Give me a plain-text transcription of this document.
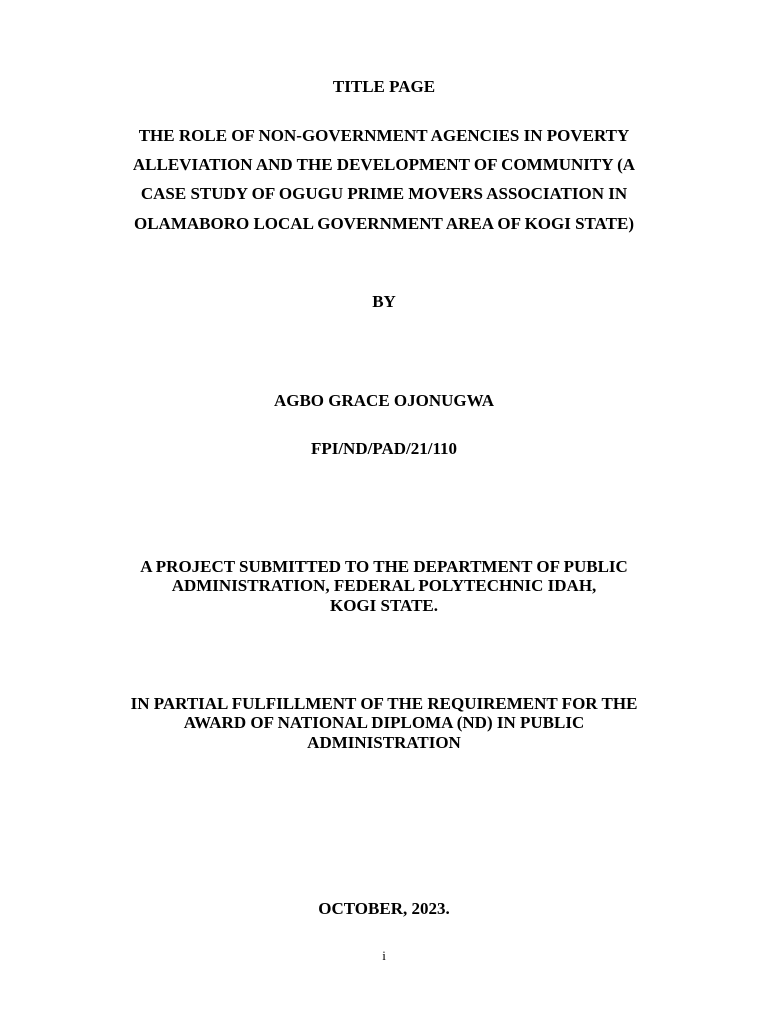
TITLE PAGE
THE ROLE OF NON-GOVERNMENT AGENCIES IN POVERTY
ALLEVIATION AND THE DEVELOPMENT OF COMMUNITY (A
CASE STUDY OF OGUGU PRIME MOVERS ASSOCIATION IN
OLAMABORO LOCAL GOVERNMENT AREA OF KOGI STATE)
BY
AGBO GRACE OJONUGWA
FPI/ND/PAD/21/110
A PROJECT SUBMITTED TO THE DEPARTMENT OF PUBLIC
ADMINISTRATION, FEDERAL POLYTECHNIC IDAH,
KOGI STATE.
IN PARTIAL FULFILLMENT OF THE REQUIREMENT FOR THE
AWARD OF NATIONAL DIPLOMA (ND) IN PUBLIC
ADMINISTRATION
OCTOBER, 2023.
i
